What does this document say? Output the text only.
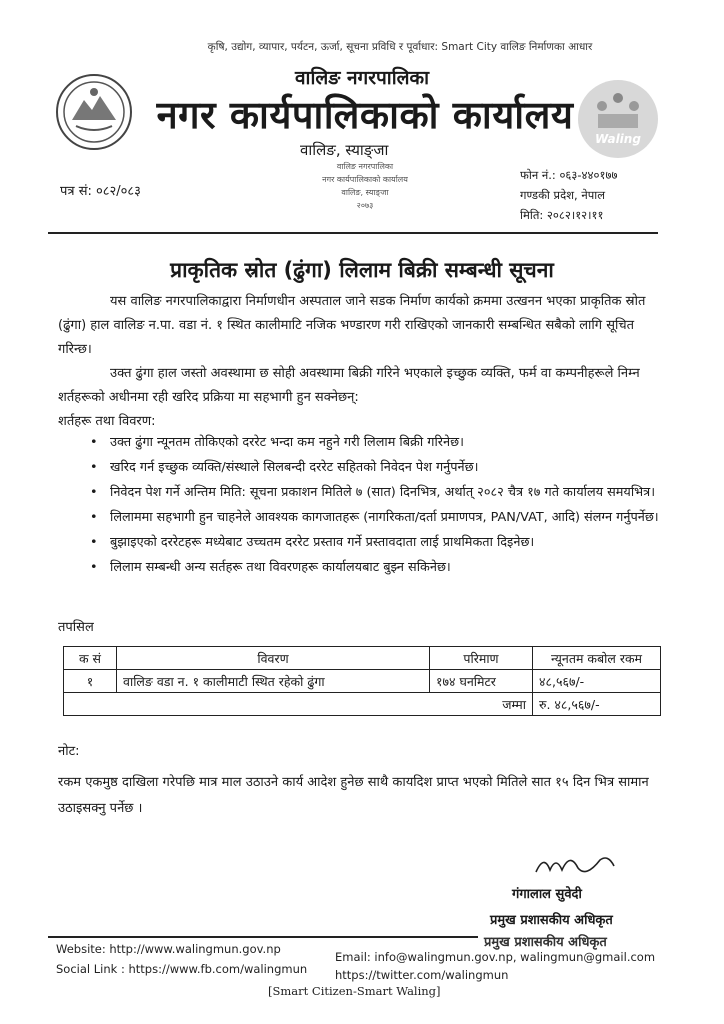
कृषि, उद्योग, व्यापार, पर्यटन, ऊर्जा, सूचना प्रविधि र पूर्वाधार: Smart City वालिङ निर्माणका आधार
वालिङ नगरपालिका
नगर कार्यपालिकाको कार्यालय
Waling
वालिङ, स्याङ्जा
वालिङ नगरपालिका
नगर कार्यपालिकाको कार्यालय
वालिङ, स्याङ्जा
२०७३
पत्र सं: ०८२/०८३
फोन नं.: ०६३-४४०१७७
गण्डकी प्रदेश, नेपाल
मिति: २०८२।१२।११
प्राकृतिक स्रोत (ढुंगा) लिलाम बिक्री सम्बन्धी सूचना
यस वालिङ नगरपालिकाद्वारा निर्माणधीन अस्पताल जाने सडक निर्माण कार्यको क्रममा उत्खनन भएका प्राकृतिक स्रोत (ढुंगा) हाल वालिङ न.पा. वडा नं. १ स्थित कालीमाटि नजिक भण्डारण गरी राखिएको जानकारी सम्बन्धित सबैको लागि सूचित गरिन्छ।
उक्त ढुंगा हाल जस्तो अवस्थामा छ सोही अवस्थामा बिक्री गरिने भएकाले इच्छुक व्यक्ति, फर्म वा कम्पनीहरूले निम्न शर्तहरूको अधीनमा रही खरिद प्रक्रिया मा सहभागी हुन सक्नेछन्:
शर्तहरू तथा विवरण:
• उक्त ढुंगा न्यूनतम तोकिएको दररेट भन्दा कम नहुने गरी लिलाम बिक्री गरिनेछ।
• खरिद गर्न इच्छुक व्यक्ति/संस्थाले सिलबन्दी दररेट सहितको निवेदन पेश गर्नुपर्नेछ।
• निवेदन पेश गर्ने अन्तिम मिति: सूचना प्रकाशन मितिले ७ (सात) दिनभित्र, अर्थात् २०८२ चैत्र १७ गते कार्यालय समयभित्र।
• लिलाममा सहभागी हुन चाहनेले आवश्यक कागजातहरू (नागरिकता/दर्ता प्रमाणपत्र, PAN/VAT, आदि) संलग्न गर्नुपर्नेछ।
• बुझाइएको दररेटहरू मध्येबाट उच्चतम दररेट प्रस्ताव गर्ने प्रस्तावदाता लाई प्राथमिकता दिइनेछ।
• लिलाम सम्बन्धी अन्य सर्तहरू तथा विवरणहरू कार्यालयबाट बुझ्न सकिनेछ।
तपसिल
क सं	विवरण	परिमाण	न्यूनतम कबोल रकम
१	वालिङ वडा न. १ कालीमाटी स्थित रहेको ढुंगा	१७४ घनमिटर	४८,५६७/-
जम्मा			रु. ४८,५६७/-
नोट:
रकम एकमुष्ठ दाखिला गरेपछि मात्र माल उठाउने कार्य आदेश हुनेछ साथै कायदिश प्राप्त भएको मितिले सात १५ दिन भित्र सामान उठाइसक्नु पर्नेछ ।
गंगालाल सुवेदी
प्रमुख प्रशासकीय अधिकृत
प्रमुख प्रशासकीय अधिकृत
Website: http://www.walingmun.gov.np
Social Link : https://www.fb.com/walingmun
Email: info@walingmun.gov.np, walingmun@gmail.com
https://twitter.com/walingmun
[Smart Citizen-Smart Waling]
